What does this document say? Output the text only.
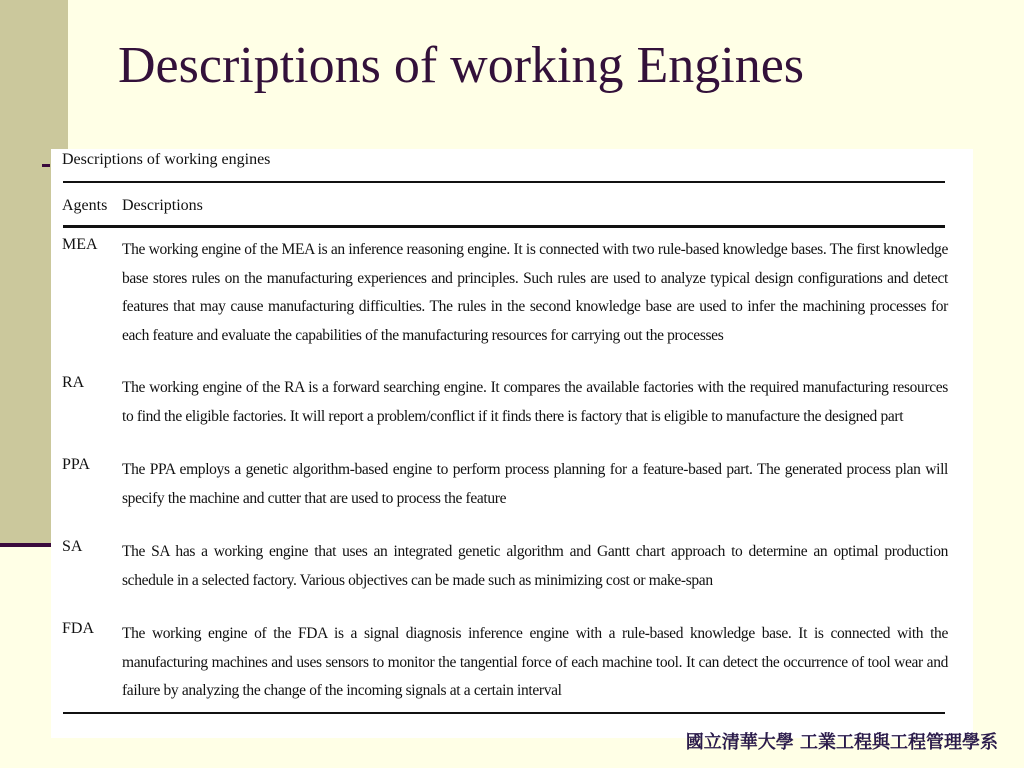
Descriptions of working Engines
Descriptions of working engines
Agents Descriptions
MEA The working engine of the MEA is an inference reasoning engine. It is connected with two rule-based knowledge bases. The first knowledge base stores rules on the manufacturing experiences and principles. Such rules are used to analyze typical design configurations and detect features that may cause manufacturing difficulties. The rules in the second knowledge base are used to infer the machining processes for each feature and evaluate the capabilities of the manufacturing resources for carrying out the processes
RA The working engine of the RA is a forward searching engine. It compares the available factories with the required manufacturing resources to find the eligible factories. It will report a problem/conflict if it finds there is factory that is eligible to manufacture the designed part
PPA The PPA employs a genetic algorithm-based engine to perform process planning for a feature-based part. The generated process plan will specify the machine and cutter that are used to process the feature
SA	The SA has a working engine that uses an integrated genetic algorithm and Gantt chart approach to determine an optimal production schedule in a selected factory. Various objectives can be made such as minimizing cost or make-span
FDA The working engine of the FDA is a signal diagnosis inference engine with a rule-based knowledge base. It is connected with the manufacturing machines and uses sensors to monitor the tangential force of each machine tool. It can detect the occurrence of tool wear and failure by analyzing the change of the incoming signals at a certain interval
國立清華大學 工業工程與工程管理學系
